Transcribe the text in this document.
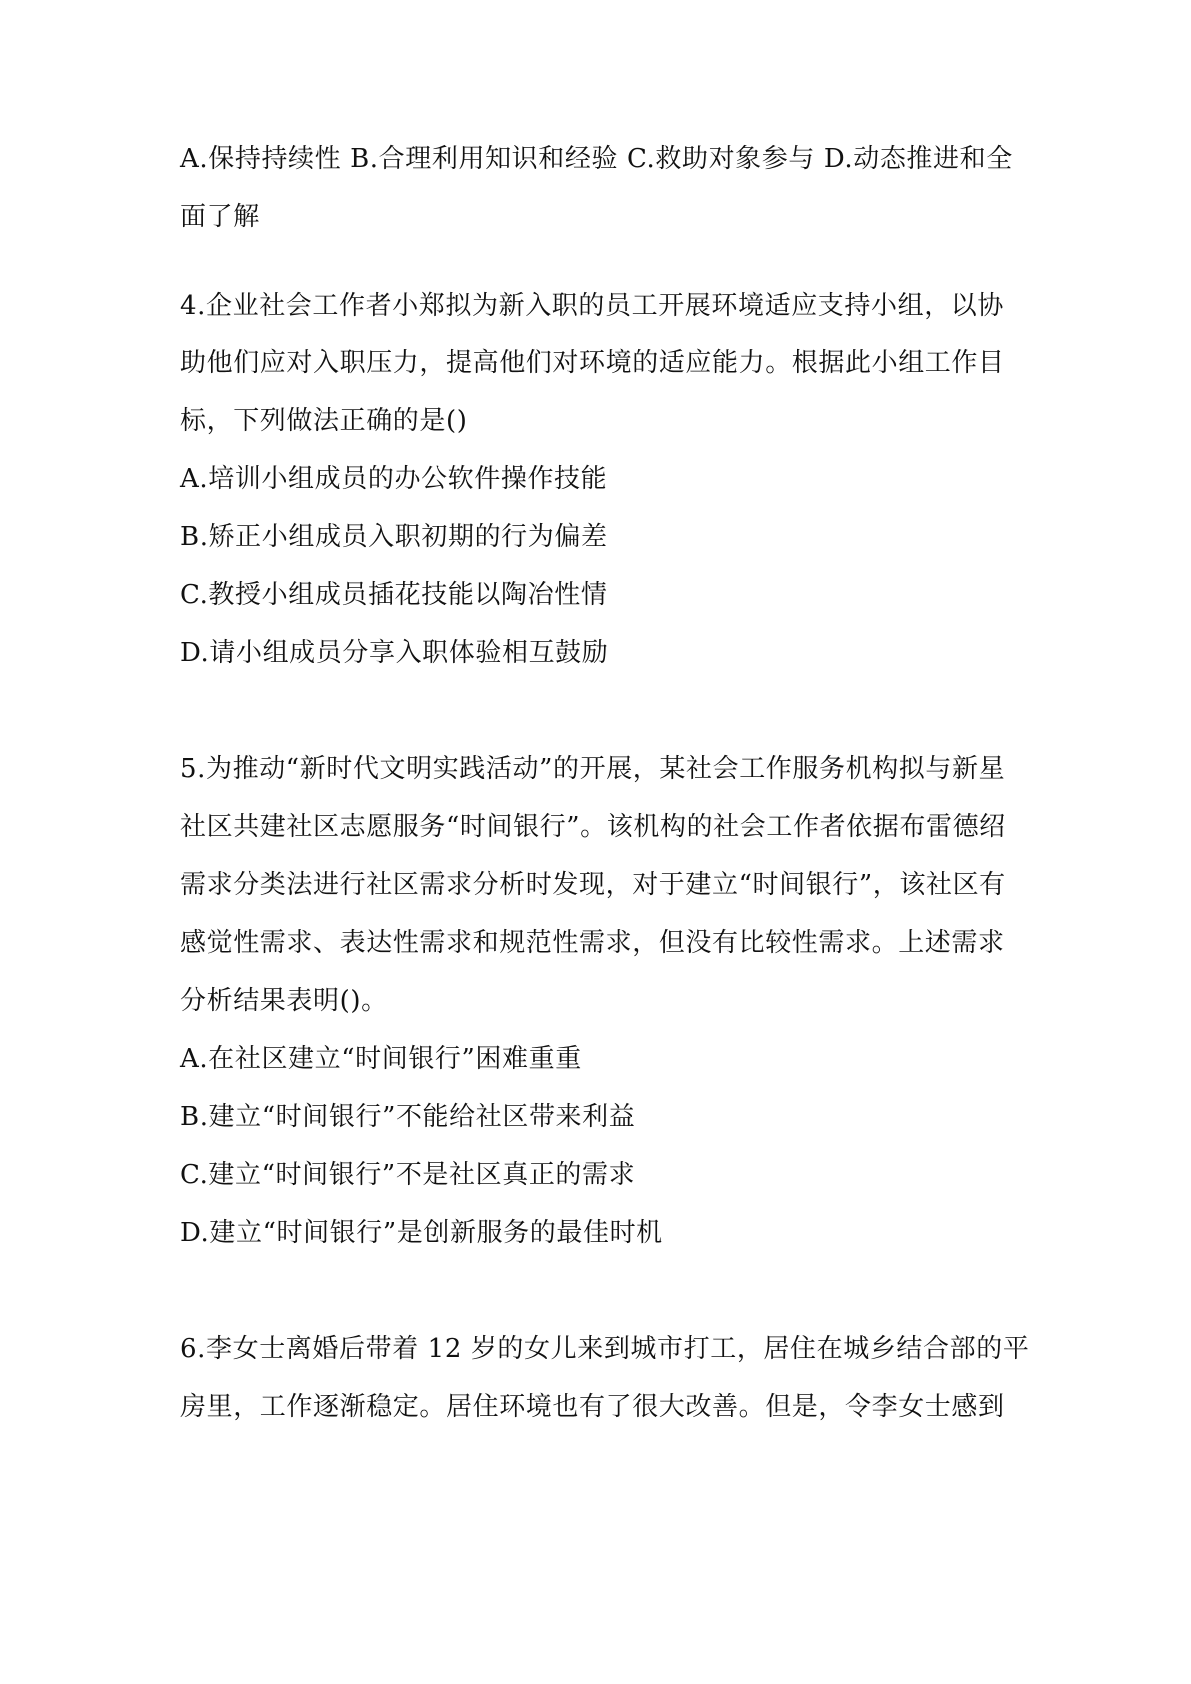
A.保持持续性 B.合理利用知识和经验 C.救助对象参与 D.动态推进和全
面了解
4.企业社会工作者小郑拟为新入职的员工开展环境适应支持小组，以协
助他们应对入职压力，提高他们对环境的适应能力。根据此小组工作目
标，下列做法正确的是()
A.培训小组成员的办公软件操作技能
B.矫正小组成员入职初期的行为偏差
C.教授小组成员插花技能以陶冶性情
D.请小组成员分享入职体验相互鼓励
5.为推动“新时代文明实践活动”的开展，某社会工作服务机构拟与新星
社区共建社区志愿服务“时间银行”。该机构的社会工作者依据布雷德绍
需求分类法进行社区需求分析时发现，对于建立“时间银行”，该社区有
感觉性需求、表达性需求和规范性需求，但没有比较性需求。上述需求
分析结果表明()。
A.在社区建立“时间银行”困难重重
B.建立“时间银行”不能给社区带来利益
C.建立“时间银行”不是社区真正的需求
D.建立“时间银行”是创新服务的最佳时机
6.李女士离婚后带着 12 岁的女儿来到城市打工，居住在城乡结合部的平
房里，工作逐渐稳定。居住环境也有了很大改善。但是，令李女士感到
